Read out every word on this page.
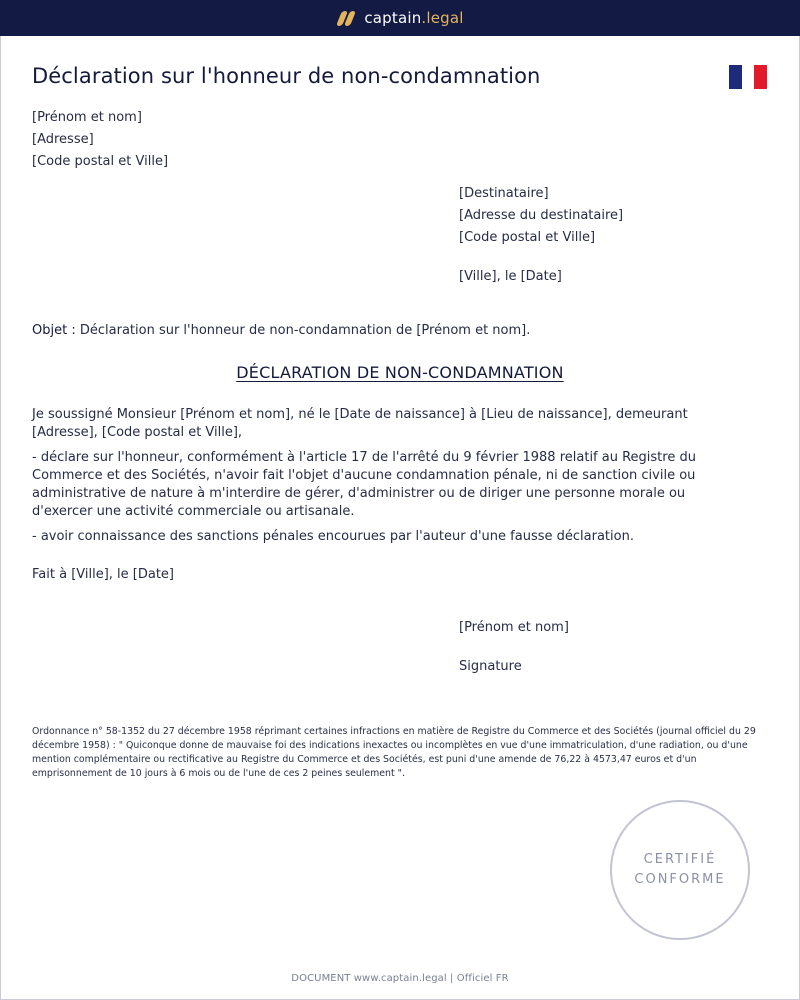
captain.legal
Déclaration sur l'honneur de non-condamnation
[Prénom et nom]
[Adresse]
[Code postal et Ville]
[Destinataire]
[Adresse du destinataire]
[Code postal et Ville]
[Ville], le [Date]
Objet : Déclaration sur l'honneur de non-condamnation de [Prénom et nom].
DÉCLARATION DE NON-CONDAMNATION

Je soussigné Monsieur [Prénom et nom], né le [Date de naissance] à [Lieu de naissance], demeurant [Adresse], [Code postal et Ville],

- déclare sur l'honneur, conformément à l'article 17 de l'arrêté du 9 février 1988 relatif au Registre du Commerce et des Sociétés, n'avoir fait l'objet d'aucune condamnation pénale, ni de sanction civile ou administrative de nature à m'interdire de gérer, d'administrer ou de diriger une personne morale ou d'exercer une activité commerciale ou artisanale.

- avoir connaissance des sanctions pénales encourues par l'auteur d'une fausse déclaration.

Fait à [Ville], le [Date]
[Prénom et nom]
Signature

Ordonnance n° 58-1352 du 27 décembre 1958 réprimant certaines infractions en matière de Registre du Commerce et des Sociétés (journal officiel du 29 décembre 1958) : " Quiconque donne de mauvaise foi des indications inexactes ou incomplètes en vue d'une immatriculation, d'une radiation, ou d'une mention complémentaire ou rectificative au Registre du Commerce et des Sociétés, est puni d'une amende de 76,22 à 4573,47 euros et d'un emprisonnement de 10 jours à 6 mois ou de l'une de ces 2 peines seulement ".

CERTIFIÉ
CONFORME
DOCUMENT www.captain.legal | Officiel FR
